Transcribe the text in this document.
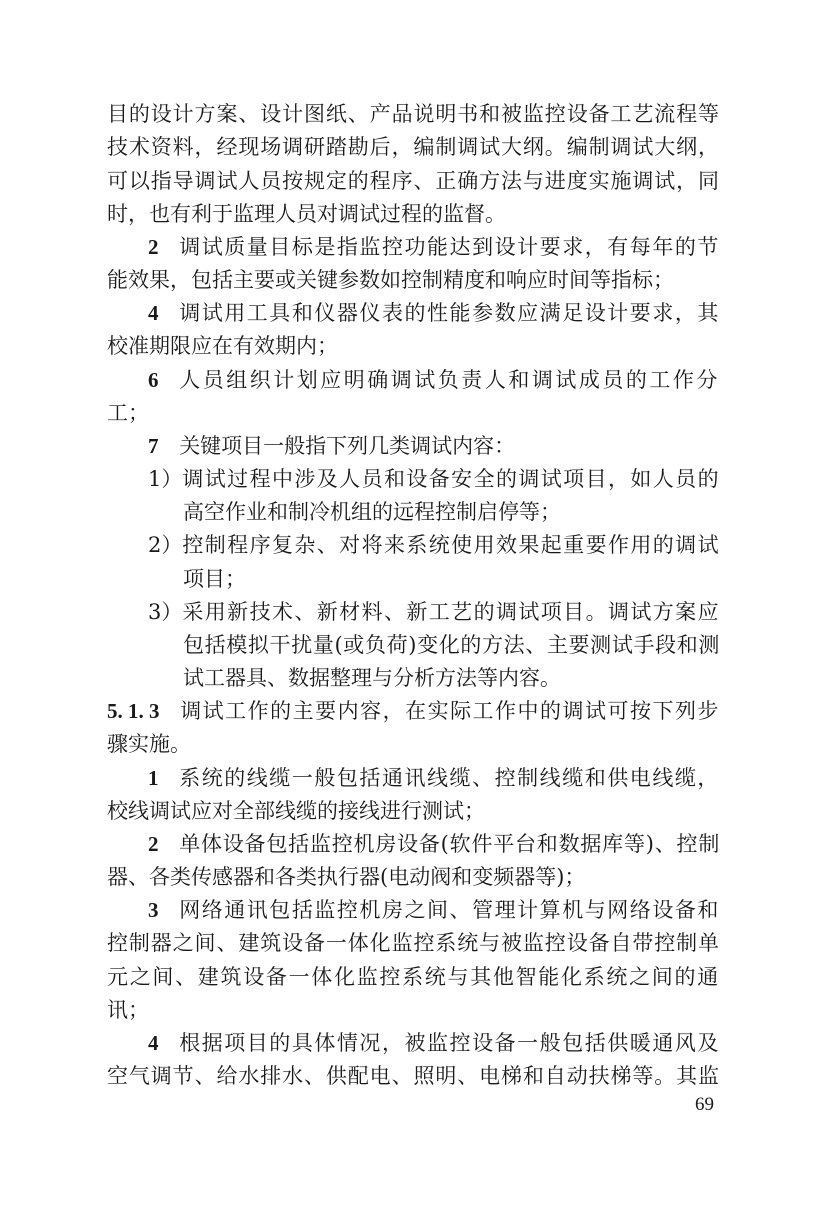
目的设计方案、设计图纸、产品说明书和被监控设备工艺流程等
技术资料，经现场调研踏勘后，编制调试大纲。编制调试大纲，
可以指导调试人员按规定的程序、正确方法与进度实施调试，同
时，也有利于监理人员对调试过程的监督。
2 调试质量目标是指监控功能达到设计要求，有每年的节
能效果，包括主要或关键参数如控制精度和响应时间等指标；
4 调试用工具和仪器仪表的性能参数应满足设计要求，其
校准期限应在有效期内；
6 人员组织计划应明确调试负责人和调试成员的工作分
工；
7 关键项目一般指下列几类调试内容：
1）调试过程中涉及人员和设备安全的调试项目，如人员的
高空作业和制冷机组的远程控制启停等；
2）控制程序复杂、对将来系统使用效果起重要作用的调试
项目；
3）采用新技术、新材料、新工艺的调试项目。调试方案应
包括模拟干扰量(或负荷)变化的方法、主要测试手段和测
试工器具、数据整理与分析方法等内容。
5. 1. 3 调试工作的主要内容，在实际工作中的调试可按下列步
骤实施。
1 系统的线缆一般包括通讯线缆、控制线缆和供电线缆，
校线调试应对全部线缆的接线进行测试；
2 单体设备包括监控机房设备(软件平台和数据库等)、控制
器、各类传感器和各类执行器(电动阀和变频器等)；
3 网络通讯包括监控机房之间、管理计算机与网络设备和
控制器之间、建筑设备一体化监控系统与被监控设备自带控制单
元之间、建筑设备一体化监控系统与其他智能化系统之间的通
讯；
4 根据项目的具体情况，被监控设备一般包括供暖通风及
空气调节、给水排水、供配电、照明、电梯和自动扶梯等。其监
69
